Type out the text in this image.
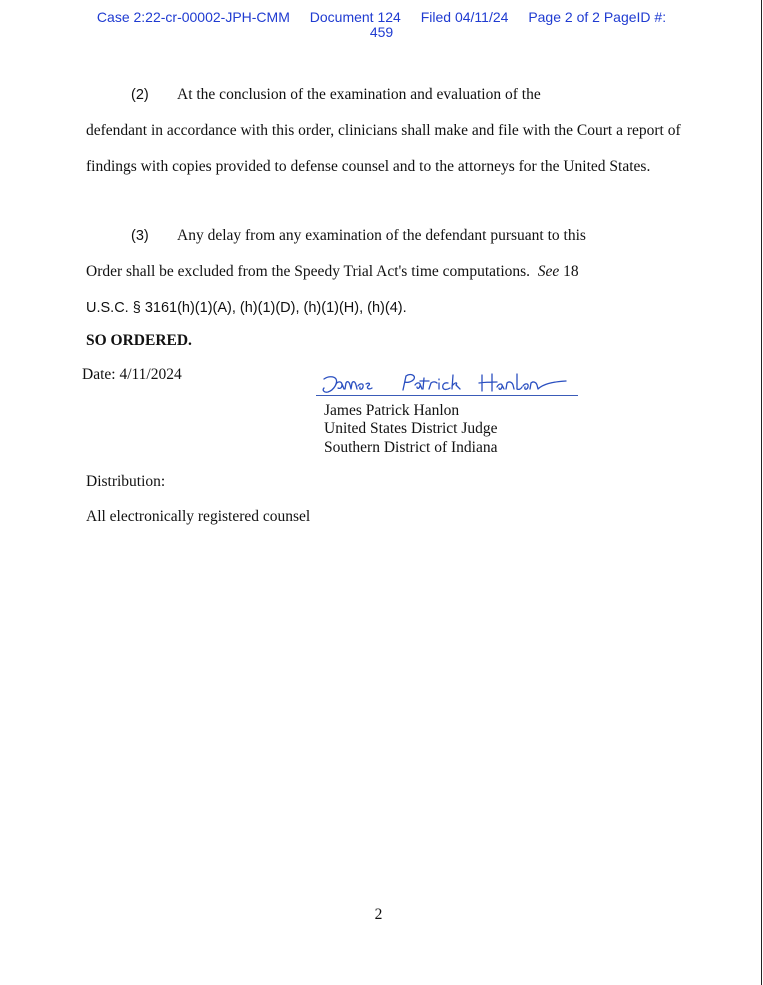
Case 2:22-cr-00002-JPH-CMM Document 124 Filed 04/11/24 Page 2 of 2 PageID #:
459

(2) At the conclusion of the examination and evaluation of the
defendant in accordance with this order, clinicians shall make and file with the Court a report of findings with copies provided to defense counsel and to the attorneys for the United States.

(3) Any delay from any examination of the defendant pursuant to this
Order shall be excluded from the Speedy Trial Act's time computations. See 18
U.S.C. § 3161(h)(1)(A), (h)(1)(D), (h)(1)(H), (h)(4).

SO ORDERED.

Date: 4/11/2024

James Patrick Hanlon
United States District Judge
Southern District of Indiana

Distribution:

All electronically registered counsel

2
